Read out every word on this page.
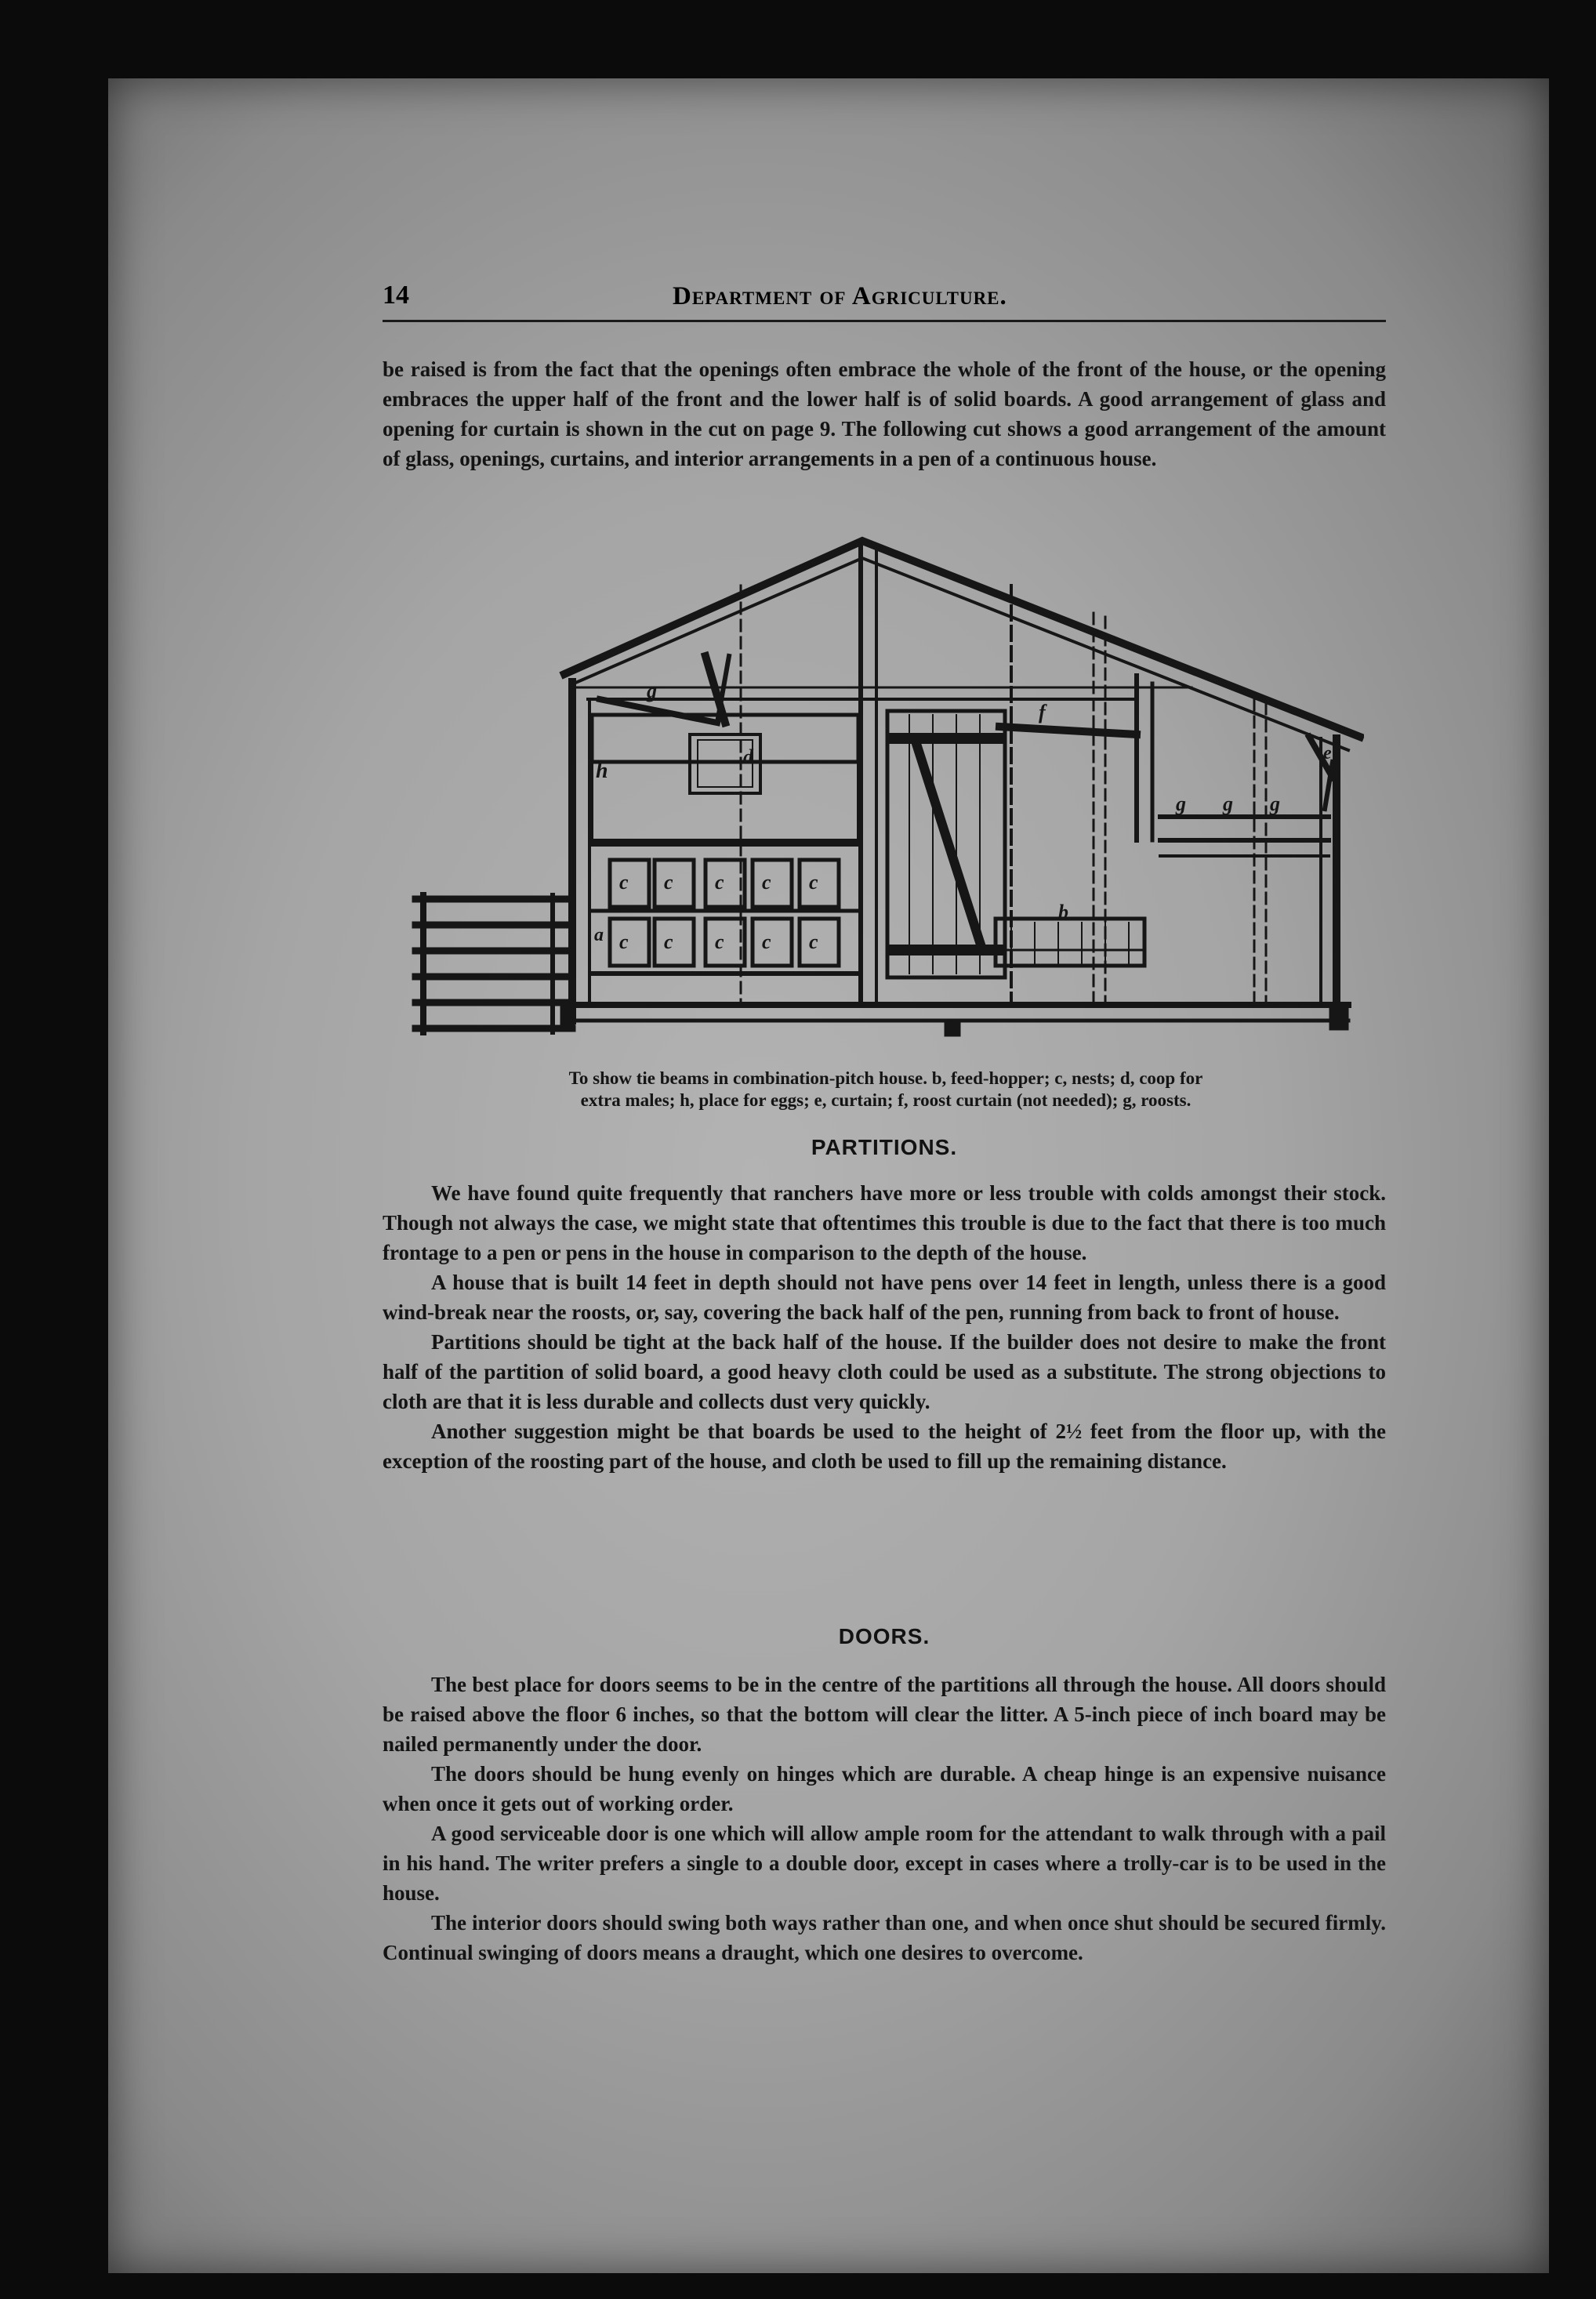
14	Department of Agriculture.

be raised is from the fact that the openings often embrace the whole of the front of the house, or the opening embraces the upper half of the front and the lower half is of solid boards. A good arrangement of glass and opening for curtain is shown in the cut on page 9. The following cut shows a good arrangement of the amount of glass, openings, curtains, and interior arrangements in a pen of a continuous house.

g
h
d
c c c c c
a c c c c c
f
b
g g g
e
To show tie beams in combination-pitch house. b, feed-hopper; c, nests; d, coop for
extra males; h, place for eggs; e, curtain; f, roost curtain (not needed); g, roosts.
PARTITIONS.

We have found quite frequently that ranchers have more or less trouble with colds amongst their stock. Though not always the case, we might state that oftentimes this trouble is due to the fact that there is too much frontage to a pen or pens in the house in comparison to the depth of the house.

A house that is built 14 feet in depth should not have pens over 14 feet in length, unless there is a good wind-break near the roosts, or, say, covering the back half of the pen, running from back to front of house.

Partitions should be tight at the back half of the house. If the builder does not desire to make the front half of the partition of solid board, a good heavy cloth could be used as a substitute. The strong objections to cloth are that it is less durable and collects dust very quickly.

Another suggestion might be that boards be used to the height of 2½ feet from the floor up, with the exception of the roosting part of the house, and cloth be used to fill up the remaining distance.

DOORS.

The best place for doors seems to be in the centre of the partitions all through the house. All doors should be raised above the floor 6 inches, so that the bottom will clear the litter. A 5-inch piece of inch board may be nailed permanently under the door.

The doors should be hung evenly on hinges which are durable. A cheap hinge is an expensive nuisance when once it gets out of working order.

A good serviceable door is one which will allow ample room for the attendant to walk through with a pail in his hand. The writer prefers a single to a double door, except in cases where a trolly-car is to be used in the house.

The interior doors should swing both ways rather than one, and when once shut should be secured firmly. Continual swinging of doors means a draught, which one desires to overcome.
